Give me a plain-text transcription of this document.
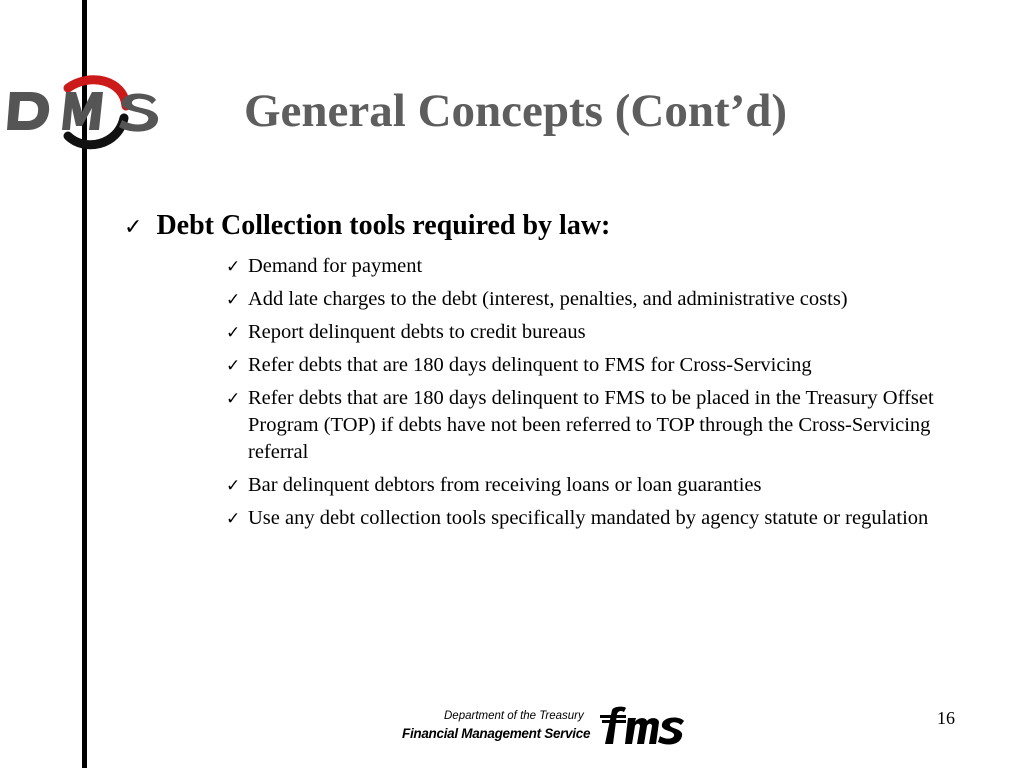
General Concepts (Cont’d)
✓ Debt Collection tools required by law:
✓ Demand for payment
✓ Add late charges to the debt (interest, penalties, and administrative costs)
✓ Report delinquent debts to credit bureaus
✓ Refer debts that are 180 days delinquent to FMS for Cross-Servicing
✓ Refer debts that are 180 days delinquent to FMS to be placed in the Treasury Offset Program (TOP) if debts have not been referred to TOP through the Cross-Servicing referral
✓ Bar delinquent debtors from receiving loans or loan guaranties
✓ Use any debt collection tools specifically mandated by agency statute or regulation

Department of the Treasury

Financial Management Service

16
